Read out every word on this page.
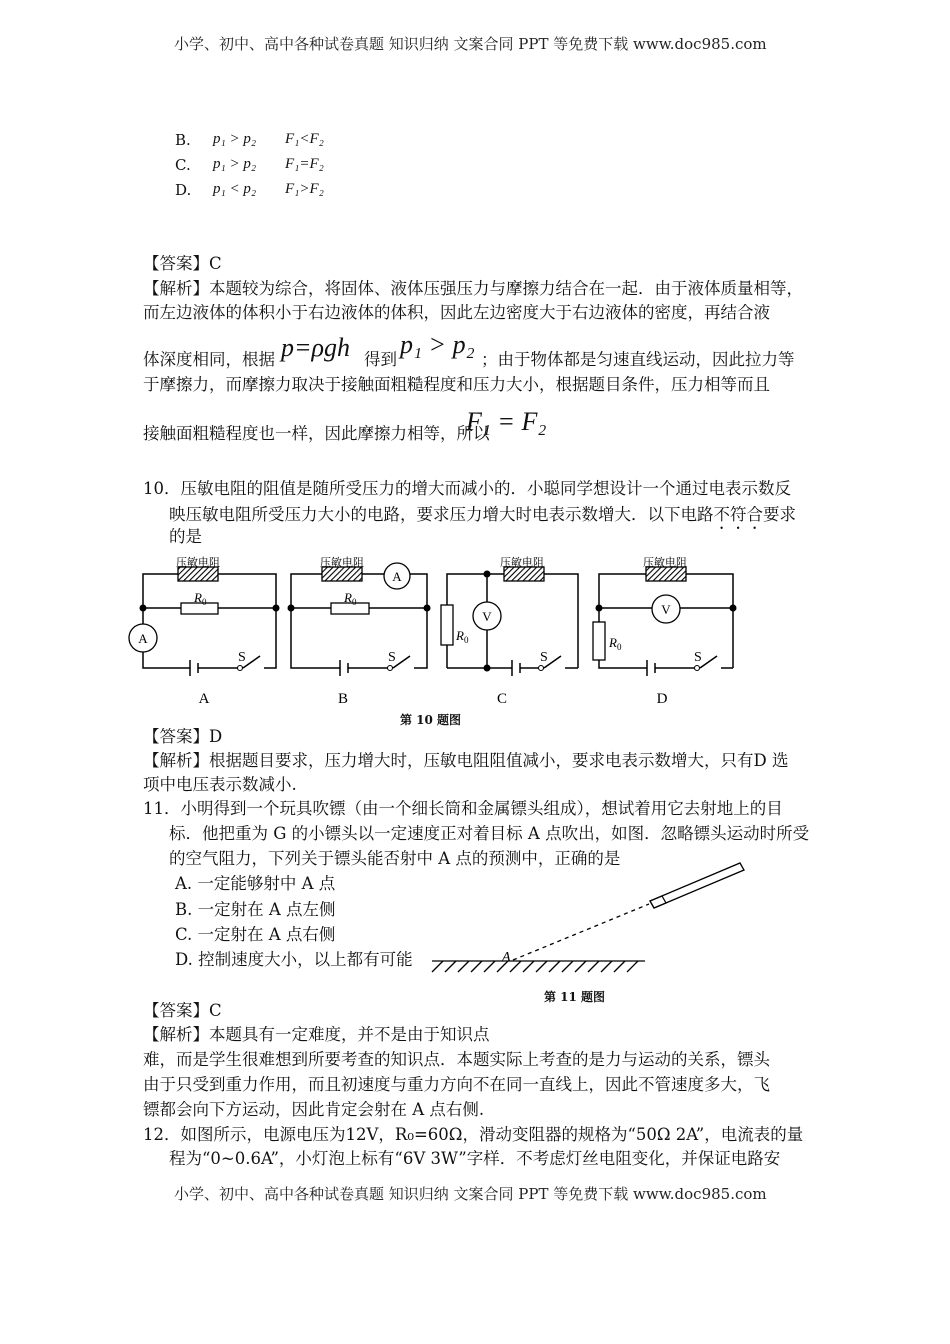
小学、初中、高中各种试卷真题 知识归纳 文案合同 PPT 等免费下载 www.doc985.com
B. p₁ > p₂ F₁<F₂
C. p₁ > p₂ F₁=F₂
D. p₁ < p₂ F₁>F₂
【答案】C
【解析】本题较为综合，将固体、液体压强压力与摩擦力结合在一起．由于液体质量相等，
而左边液体的体积小于右边液体的体积，因此左边密度大于右边液体的密度，再结合液
体深度相同，根据 p=ρgh 得到
p₁ > p₂
；由于物体都是匀速直线运动，因此拉力等
于摩擦力，而摩擦力取决于接触面粗糙程度和压力大小，根据题目条件，压力相等而且
接触面粗糙程度也一样，因此摩擦力相等，所以
F₁ = F₂
10．压敏电阻的阻值是随所受压力的增大而减小的．小聪同学想设计一个通过电表示数反
映压敏电阻所受压力大小的电路，要求压力增大时电表示数增大．以下电路不符合要求
的是
压敏电阻	压敏电阻	压敏电阻	压敏电阻
$R_0$	$R_0$
$R_0$	$R_0$
A
A
V	V
S	S	S	S
A	B	C	D
第 10 题图
【答案】D
【解析】根据题目要求，压力增大时，压敏电阻阻值减小，要求电表示数增大，只有D 选
项中电压表示数减小.
11．小明得到一个玩具吹镖（由一个细长筒和金属镖头组成），想试着用它去射地上的目
标．他把重为 G 的小镖头以一定速度正对着目标 A 点吹出，如图．忽略镖头运动时所受
的空气阻力，下列关于镖头能否射中 A 点的预测中，正确的是
A. 一定能够射中 A 点
B. 一定射在 A 点左侧
C. 一定射在 A 点右侧
D. 控制速度大小，以上都有可能	A
第 11 题图
【答案】C
【解析】本题具有一定难度，并不是由于知识点
难，而是学生很难想到所要考查的知识点．本题实际上考查的是力与运动的关系，镖头
由于只受到重力作用，而且初速度与重力方向不在同一直线上，因此不管速度多大，飞
镖都会向下方运动，因此肯定会射在 A 点右侧.
12．如图所示，电源电压为12V，R₀=60Ω，滑动变阻器的规格为“50Ω 2A”，电流表的量
程为“0~0.6A”，小灯泡上标有“6V 3W”字样．不考虑灯丝电阻变化，并保证电路安
小学、初中、高中各种试卷真题 知识归纳 文案合同 PPT 等免费下载 www.doc985.com
